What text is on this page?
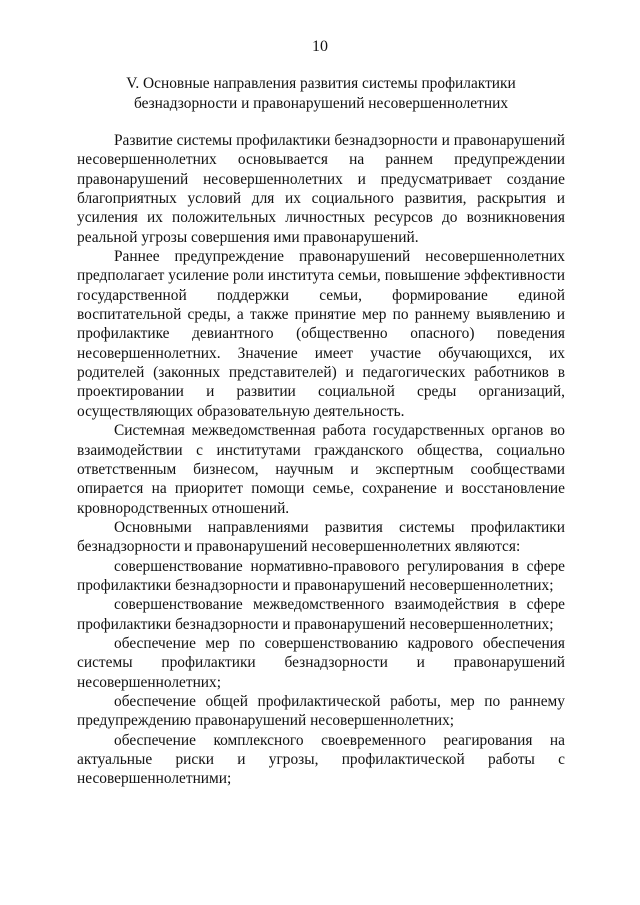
10
V. Основные направления развития системы профилактики
безнадзорности и правонарушений несовершеннолетних

Развитие системы профилактики безнадзорности и правонарушений несовершеннолетних основывается на раннем предупреждении правонарушений несовершеннолетних и предусматривает создание благоприятных условий для их социального развития, раскрытия и усиления их положительных личностных ресурсов до возникновения реальной угрозы совершения ими правонарушений.

Раннее предупреждение правонарушений несовершеннолетних предполагает усиление роли института семьи, повышение эффективности государственной поддержки семьи, формирование единой воспитательной среды, а также принятие мер по раннему выявлению и профилактике девиантного (общественно опасного) поведения несовершеннолетних. Значение имеет участие обучающихся, их родителей (законных представителей) и педагогических работников в проектировании и развитии социальной среды организаций, осуществляющих образовательную деятельность.

Системная межведомственная работа государственных органов во взаимодействии с институтами гражданского общества, социально ответственным бизнесом, научным и экспертным сообществами опирается на приоритет помощи семье, сохранение и восстановление кровнородственных отношений.

Основными направлениями развития системы профилактики безнадзорности и правонарушений несовершеннолетних являются:

совершенствование нормативно-правового регулирования в сфере профилактики безнадзорности и правонарушений несовершеннолетних;

совершенствование межведомственного взаимодействия в сфере профилактики безнадзорности и правонарушений несовершеннолетних;

обеспечение мер по совершенствованию кадрового обеспечения системы профилактики безнадзорности и правонарушений несовершеннолетних;

обеспечение общей профилактической работы, мер по раннему предупреждению правонарушений несовершеннолетних;

обеспечение комплексного своевременного реагирования на актуальные риски и угрозы, профилактической работы с несовершеннолетними;
